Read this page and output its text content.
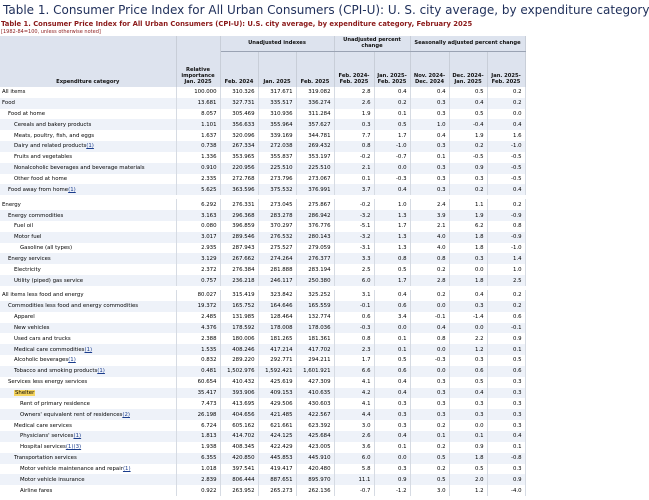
Table 1. Consumer Price Index for All Urban Consumers (CPI-U): U. S. city average, by expenditure category
Table 1. Consumer Price Index for All Urban Consumers (CPI-U): U.S. city average, by expenditure category, February 2025
[1982-84=100, unless otherwise noted]
Expenditure category	Relative importance Jan. 2025	Unadjusted indexes			Unadjusted percent change		Seasonally adjusted percent change		
		Feb. 2024	Jan. 2025	Feb. 2025	Feb. 2024-Feb. 2025	Jan. 2025-Feb. 2025	Nov. 2024-Dec. 2024	Dec. 2024-Jan. 2025	Jan. 2025-Feb. 2025
All items	100.000	310.326	317.671	319.082	2.8	0.4	0.4	0.5	0.2
Food	13.681	327.731	335.517	336.274	2.6	0.2	0.3	0.4	0.2
Food at home	8.057	305.469	310.936	311.284	1.9	0.1	0.3	0.5	0.0
Cereals and bakery products	1.101	356.633	355.964	357.627	0.3	0.5	1.0	-0.4	0.4
Meats, poultry, fish, and eggs	1.637	320.096	339.169	344.781	7.7	1.7	0.4	1.9	1.6
Dairy and related products(1)	0.738	267.334	272.038	269.432	0.8	-1.0	0.3	0.2	-1.0
Fruits and vegetables	1.336	353.965	355.837	353.197	-0.2	-0.7	0.1	-0.5	-0.5
Nonalcoholic beverages and beverage materials	0.910	220.956	225.510	225.510	2.1	0.0	0.3	0.9	-0.5
Other food at home	2.335	272.768	273.796	273.067	0.1	-0.3	0.3	0.3	-0.5
Food away from home(1)	5.625	363.596	375.532	376.991	3.7	0.4	0.3	0.2	0.4

Energy	6.292	276.331	273.045	275.867	-0.2	1.0	2.4	1.1	0.2
Energy commodities	3.163	296.368	283.278	286.942	-3.2	1.3	3.9	1.9	-0.9
Fuel oil	0.080	396.859	370.297	376.776	-5.1	1.7	2.1	6.2	0.8
Motor fuel	3.017	289.546	276.532	280.143	-3.2	1.3	4.0	1.8	-0.9
Gasoline (all types)	2.935	287.943	275.527	279.059	-3.1	1.3	4.0	1.8	-1.0
Energy services	3.129	267.662	274.264	276.377	3.3	0.8	0.8	0.3	1.4
Electricity	2.372	276.384	281.888	283.194	2.5	0.5	0.2	0.0	1.0
Utility (piped) gas service	0.757	236.218	246.117	250.380	6.0	1.7	2.8	1.8	2.5

All items less food and energy	80.027	315.419	323.842	325.252	3.1	0.4	0.2	0.4	0.2
Commodities less food and energy commodities	19.372	165.752	164.646	165.559	-0.1	0.6	0.0	0.3	0.2
Apparel	2.485	131.985	128.464	132.774	0.6	3.4	-0.1	-1.4	0.6
New vehicles	4.376	178.592	178.008	178.036	-0.3	0.0	0.4	0.0	-0.1
Used cars and trucks	2.388	180.006	181.265	181.361	0.8	0.1	0.8	2.2	0.9
Medical care commodities(1)	1.535	408.246	417.214	417.702	2.3	0.1	0.0	1.2	0.1
Alcoholic beverages(1)	0.832	289.220	292.771	294.211	1.7	0.5	-0.3	0.3	0.5
Tobacco and smoking products(1)	0.481	1,502.976	1,592.421	1,601.921	6.6	0.6	0.0	0.6	0.6
Services less energy services	60.654	410.432	425.619	427.309	4.1	0.4	0.3	0.5	0.3
Shelter	35.417	393.906	409.153	410.635	4.2	0.4	0.3	0.4	0.3
Rent of primary residence	7.473	413.695	429.506	430.603	4.1	0.3	0.3	0.3	0.3
Owners' equivalent rent of residences(2)	26.198	404.656	421.485	422.567	4.4	0.3	0.3	0.3	0.3
Medical care services	6.724	605.162	621.661	623.392	3.0	0.3	0.2	0.0	0.3
Physicians' services(1)	1.813	414.702	424.125	425.684	2.6	0.4	0.1	0.1	0.4
Hospital services(1)(3)	1.938	408.345	422.429	423.005	3.6	0.1	0.2	0.9	0.1
Transportation services	6.355	420.850	445.853	445.910	6.0	0.0	0.5	1.8	-0.8
Motor vehicle maintenance and repair(1)	1.018	397.541	419.417	420.480	5.8	0.3	0.2	0.5	0.3
Motor vehicle insurance	2.839	806.444	887.651	895.970	11.1	0.9	0.5	2.0	0.9
Airline fares	0.922	263.952	265.273	262.136	-0.7	-1.2	3.0	1.2	-4.0
